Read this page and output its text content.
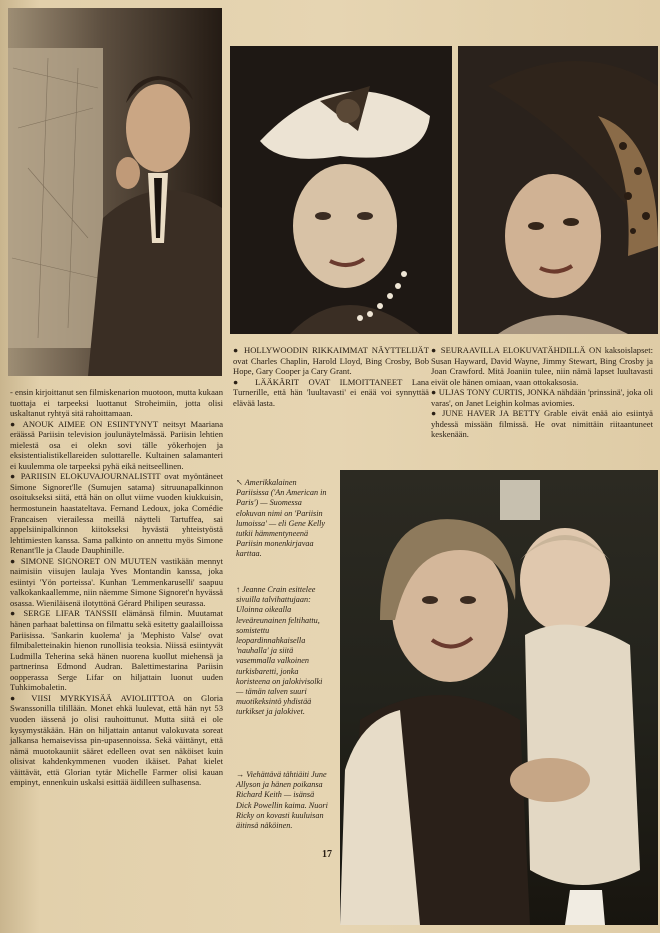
- ensin kirjoittanut sen filmiskenarion muotoon, mutta kukaan tuottaja ei tarpeeksi luottanut Stroheimiin, jotta olisi uskaltanut ryhtyä sitä rahoittamaan.

● ANOUK AIMEE ON ESIINTYNYT neitsyt Maariana eräässä Pariisin television joulunäytelmässä. Pariisin lehtien mielestä osa ei olekn sovi tälle yökerhojen ja eksistentialistikellareiden sulottarelle. Kultainen salamanteri ei kuulemma ole tarpeeksi pyhä eikä neitseellinen.

● PARIISIN ELOKUVAJOURNALISTIT ovat myöntäneet Simone Signoret'lle (Sumujen satama) sitruunapalkinnon osoitukseksi siitä, että hän on ollut viime vuoden kiukkuisin, hermostunein haastateltava. Fernand Ledoux, joka Comédie Francaisen vierailessa meillä näytteli Tartuffea, sai appelsiinipalkinnon kiitokseksi hyvästä yhteistyöstä lehtimiesten kanssa. Sama palkinto on annettu myös Simone Renant'lle ja Claude Dauphinille.

● SIMONE SIGNORET ON MUUTEN vastikään mennyt naimisiin viisujen laulaja Yves Montandin kanssa, joka esiintyi 'Yön porteissa'. Kunhan 'Lemmenkaruselli' saapuu valkokankaallemme, niin näemme Simone Signoret'n hyvässä osassa. Wieniläisenä ilotyttönä Gérard Philipen seurassa.

● SERGE LIFAR TANSSII elämänsä filmin. Muutamat hänen parhaat balettinsa on filmattu sekä esitetty gaalailloissa Pariisissa. 'Sankarin kuolema' ja 'Mephisto Valse' ovat filmibaletteinakin hienon runollisia teoksia. Niissä esiintyvät Ludmilla Teherina sekä hänen nuorena kuollut miehensä ja partnerinsa Edmond Audran. Balettimestarina Pariisin oopperassa Serge Lifar on hiljattain luonut uuden Tuhkimobaletin.

● VIISI MYRKYISÄÄ AVIOLIITTOA on Gloria Swanssonilla tilillään. Monet ehkä luulevat, että hän nyt 53 vuoden iässenä jo olisi rauhoittunut. Mutta siitä ei ole kysymystäkään. Hän on hiljattain antanut valokuvata soreat jalkansa hemaisevissa pin-upasennoissa. Sekä väittänyt, että nämä muotokauniit sääret edelleen ovat sen näköiset kuin olisivat kahdenkymmenen vuoden ikäiset. Pahat kielet väittävät, että Glorian tytär Michelle Farmer olisi kauan empinyt, ennenkuin uskalsi esittää äidilleen sulhasensa.

● HOLLYWOODIN RIKKAIMMAT NÄYTTELIJÄT ovat Charles Chaplin, Harold Lloyd, Bing Crosby, Bob Hope, Gary Cooper ja Cary Grant.

● LÄÄKÄRIT OVAT ILMOITTANEET Lana Turnerille, että hän 'luultavasti' ei enää voi synnyttää elävää lasta.

● SEURAAVILLA ELOKUVATÄHDILLÄ ON kaksoislapset: Susan Hayward, David Wayne, Jimmy Stewart, Bing Crosby ja Joan Crawford. Mitä Joaniin tulee, niin nämä lapset luultavasti eivät ole hänen omiaan, vaan ottokaksosia.

● ULJAS TONY CURTIS, JONKA nähdään 'prinssinä', joka oli varas', on Janet Leighin kolmas aviomies.

● JUNE HAVER JA BETTY Grable eivät enää aio esiintyä yhdessä missään filmissä. He ovat nimittäin riitaantuneet keskenään.

↖ Amerikkalainen Pariisissa ('An American in Paris') — Suomessa elokuvan nimi on 'Pariisin lumoissa' — eli Gene Kelly tutkii hämmentyneenä Pariisin monenkirjavaa karttaa.

↑ Jeanne Crain esittelee sivuilla talvihattujaan: Uloinna oikealla leveäreunainen feltihattu, somistettu leopardinnahkaisella 'nauhalla' ja siitä vasemmalla valkoinen turkisbaretti, jonka koristeena on jalokivisolki — tämän talven suuri muotikeksintö yhdistää turkikset ja jalokivet.

→ Viehättävä tähtiäiti June Allyson ja hänen poikansa Richard Keith — isänsä Dick Powellin kaima. Nuori Ricky on kovasti kuuluisan äitinsä näköinen.

17
